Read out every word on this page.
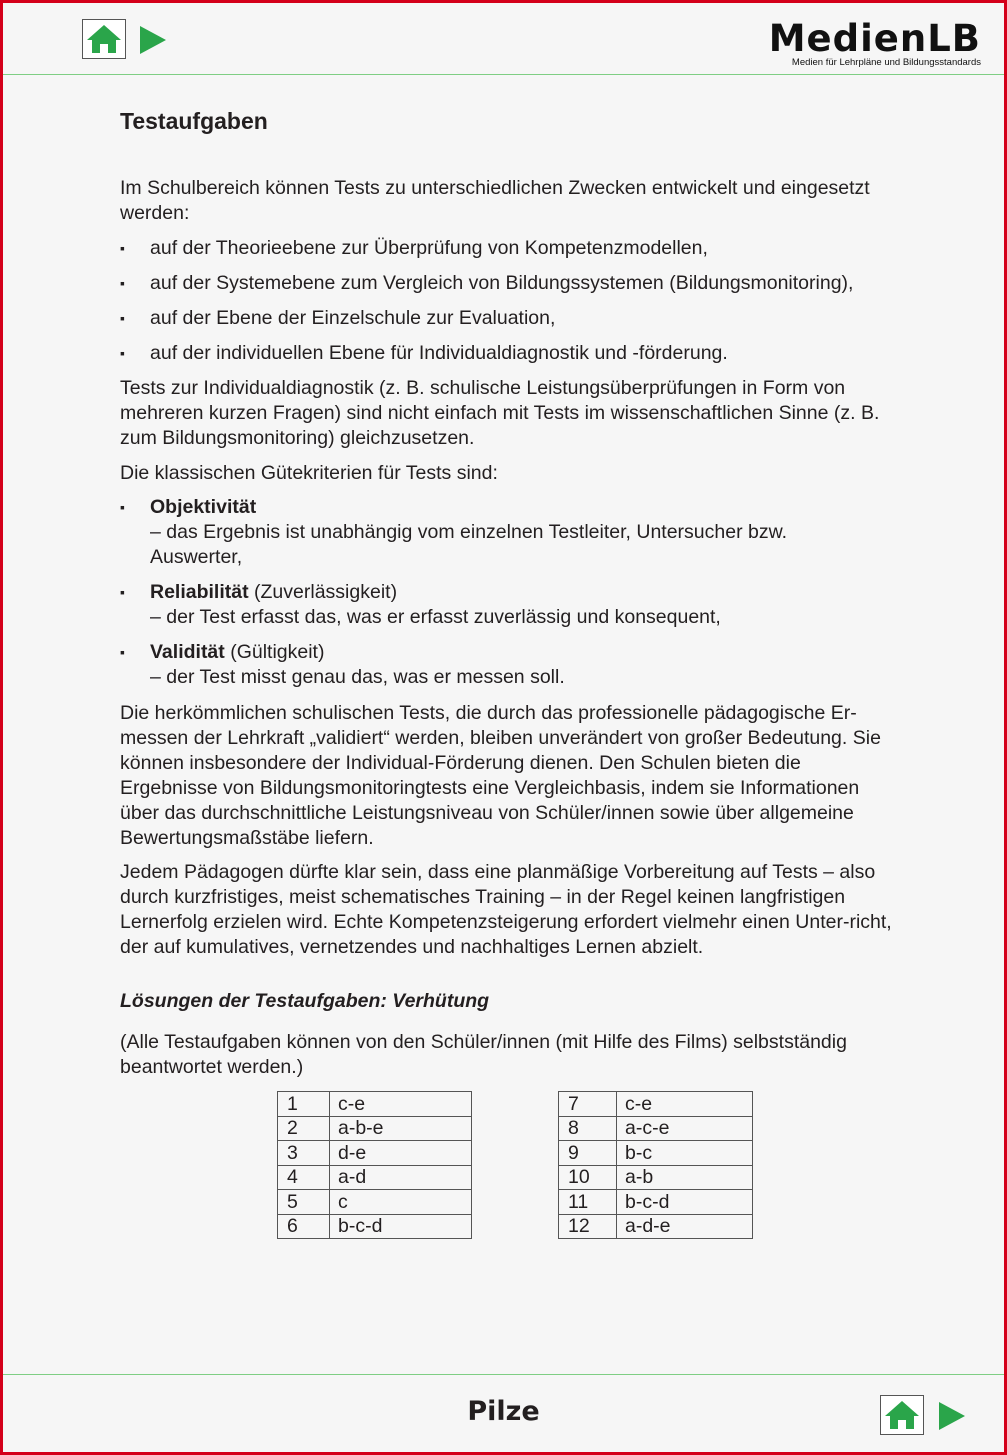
MedienLB
Medien für Lehrpläne und Bildungsstandards
Testaufgaben

Im Schulbereich können Tests zu unterschiedlichen Zwecken entwickelt und eingesetzt werden:

▪ auf der Theorieebene zur Überprüfung von Kompetenzmodellen,
▪ auf der Systemebene zum Vergleich von Bildungssystemen (Bildungsmonitoring),
▪ auf der Ebene der Einzelschule zur Evaluation,
▪ auf der individuellen Ebene für Individualdiagnostik und -förderung.

Tests zur Individualdiagnostik (z. B. schulische Leistungsüberprüfungen in Form von mehreren kurzen Fragen) sind nicht einfach mit Tests im wissenschaftlichen Sinne (z. B. zum Bildungsmonitoring) gleichzusetzen.

Die klassischen Gütekriterien für Tests sind:

▪ Objektivität
– das Ergebnis ist unabhängig vom einzelnen Testleiter, Untersucher bzw. Auswerter,
▪ Reliabilität (Zuverlässigkeit)
– der Test erfasst das, was er erfasst zuverlässig und konsequent,
▪ Validität (Gültigkeit)
– der Test misst genau das, was er messen soll.

Die herkömmlichen schulischen Tests, die durch das professionelle pädagogische Er-messen der Lehrkraft „validiert“ werden, bleiben unverändert von großer Bedeutung. Sie können insbesondere der Individual-Förderung dienen. Den Schulen bieten die Ergebnisse von Bildungsmonitoringtests eine Vergleichbasis, indem sie Informationen über das durchschnittliche Leistungsniveau von Schüler/innen sowie über allgemeine Bewertungsmaßstäbe liefern.

Jedem Pädagogen dürfte klar sein, dass eine planmäßige Vorbereitung auf Tests – also durch kurzfristiges, meist schematisches Training – in der Regel keinen langfristigen Lernerfolg erzielen wird. Echte Kompetenzsteigerung erfordert vielmehr einen Unter-richt, der auf kumulatives, vernetzendes und nachhaltiges Lernen abzielt.

Lösungen der Testaufgaben: Verhütung

(Alle Testaufgaben können von den Schüler/innen (mit Hilfe des Films) selbstständig beantwortet werden.)

1	c-e
2	a-b-e
3	d-e
4	a-d
5	c
6	b-c-d
7	c-e
8	a-c-e
9	b-c
10	a-b
11	b-c-d
12	a-d-e
Pilze
